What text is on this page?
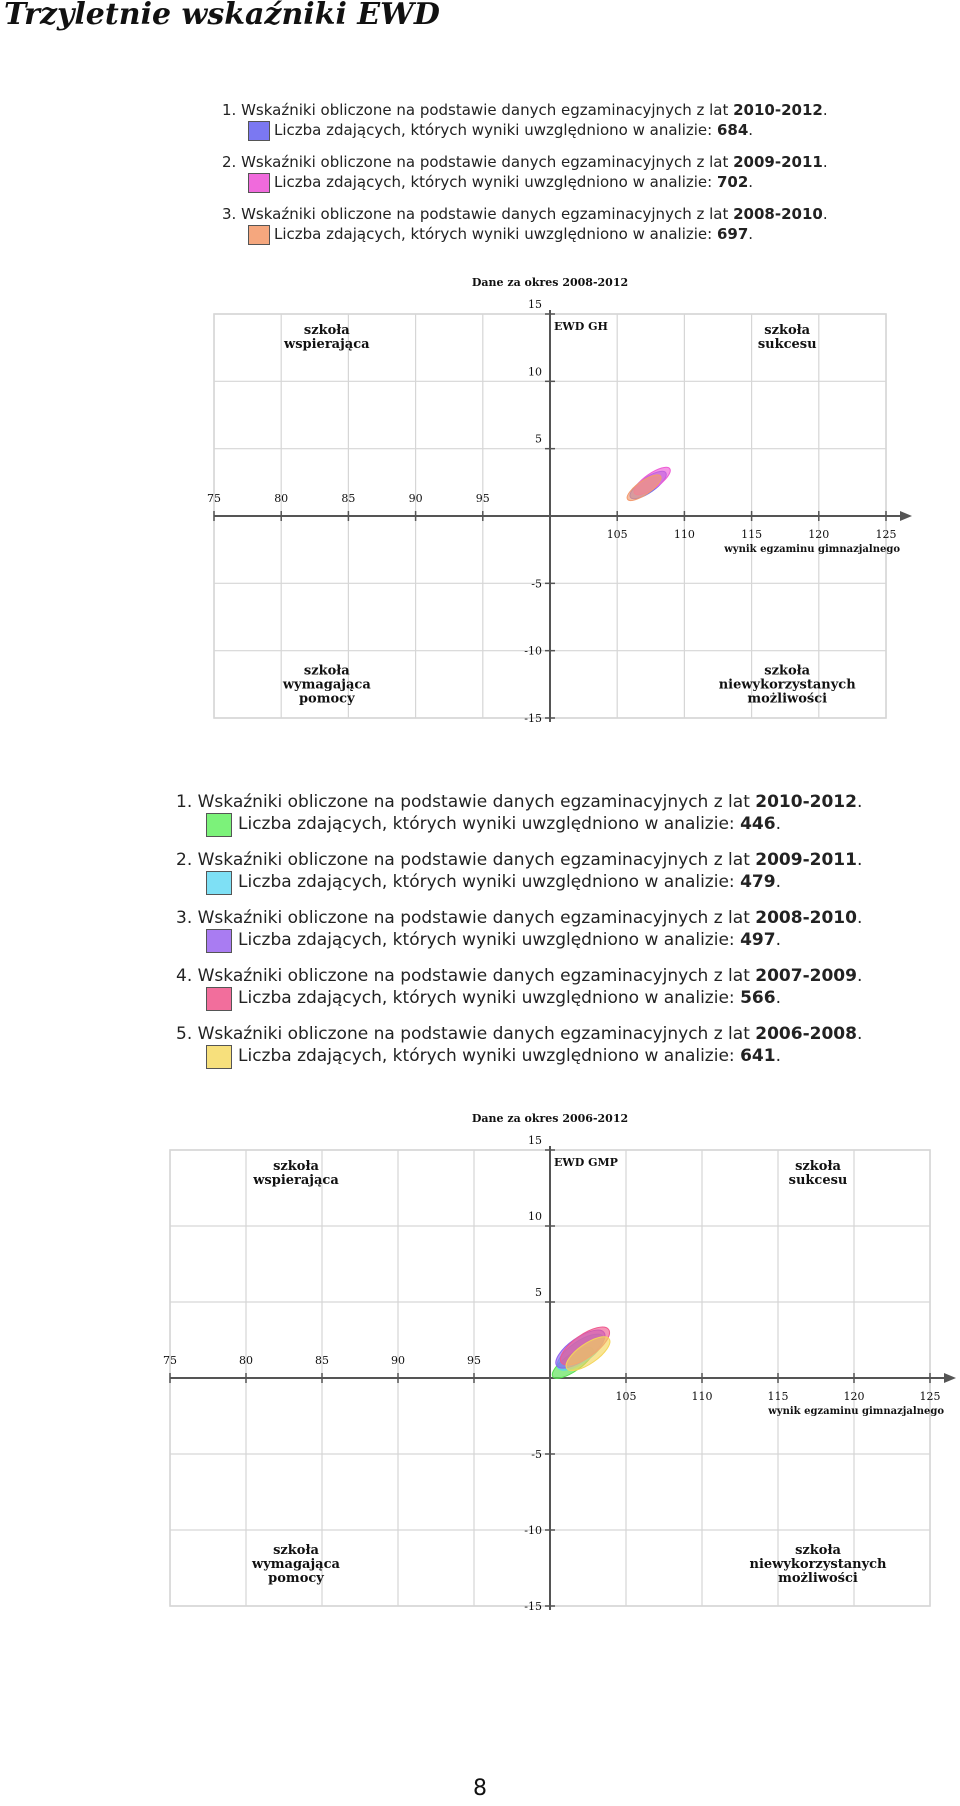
Trzyletnie wskaźniki EWD
1. Wskaźniki obliczone na podstawie danych egzaminacyjnych z lat 2010-2012.
Liczba zdających, których wyniki uwzględniono w analizie: 684.
2. Wskaźniki obliczone na podstawie danych egzaminacyjnych z lat 2009-2011.
Liczba zdających, których wyniki uwzględniono w analizie: 702.
3. Wskaźniki obliczone na podstawie danych egzaminacyjnych z lat 2008-2010.
Liczba zdających, których wyniki uwzględniono w analizie: 697.
75	80	85	90	95
105	110	115	120	125
15
10
5
-5
-10
-15
Dane za okres 2008-2012
EWD GH
wynik egzaminu gimnazjalnego
szkoła wspierająca
szkoła sukcesu
szkoła wymagająca pomocy
szkoła niewykorzystanych możliwości
1. Wskaźniki obliczone na podstawie danych egzaminacyjnych z lat 2010-2012.
Liczba zdających, których wyniki uwzględniono w analizie: 446.
2. Wskaźniki obliczone na podstawie danych egzaminacyjnych z lat 2009-2011.
Liczba zdających, których wyniki uwzględniono w analizie: 479.
3. Wskaźniki obliczone na podstawie danych egzaminacyjnych z lat 2008-2010.
Liczba zdających, których wyniki uwzględniono w analizie: 497.
4. Wskaźniki obliczone na podstawie danych egzaminacyjnych z lat 2007-2009.
Liczba zdających, których wyniki uwzględniono w analizie: 566.
5. Wskaźniki obliczone na podstawie danych egzaminacyjnych z lat 2006-2008.
Liczba zdających, których wyniki uwzględniono w analizie: 641.
75	80	85	90	95
105	110	115	120	125
15
10
5
-5
-10
-15
Dane za okres 2006-2012
EWD GMP
wynik egzaminu gimnazjalnego
szkoła wspierająca
szkoła sukcesu
szkoła wymagająca pomocy
szkoła niewykorzystanych możliwości
8
